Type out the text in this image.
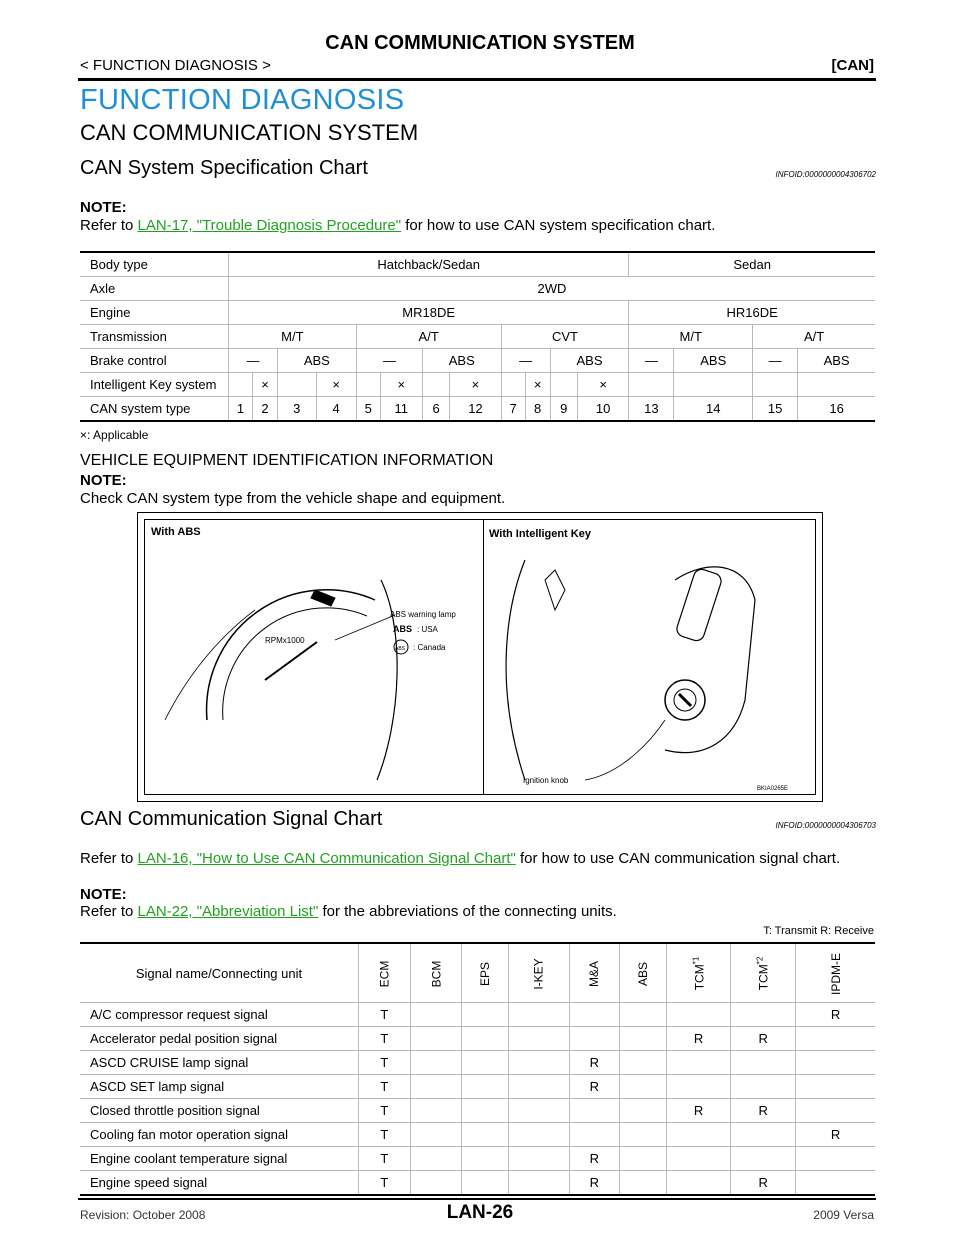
CAN COMMUNICATION SYSTEM
< FUNCTION DIAGNOSIS >	[CAN]
FUNCTION DIAGNOSIS
CAN COMMUNICATION SYSTEM
CAN System Specification Chart	INFOID:0000000004306702
NOTE:
Refer to LAN-17, "Trouble Diagnosis Procedure" for how to use CAN system specification chart.
Body type	Hatchback/Sedan												Sedan			
Axle	2WD															
Engine	MR18DE												HR16DE			
Transmission	M/T				A/T				CVT				M/T		A/T	
Brake control	—		ABS		—		ABS		—		ABS		—	ABS	—	ABS
Intelligent Key system		×		×		×		×		×		×				
CAN system type	1	2	3	4	5	11	6	12	7	8	9	10	13	14	15	16
×: Applicable
VEHICLE EQUIPMENT IDENTIFICATION INFORMATION
NOTE:
Check CAN system type from the vehicle shape and equipment.
With ABS	With Intelligent Key
RPMx1000
ABS warning lamp
ABS : USA
ABS : Canada
Ignition knob
BKIA0265E
CAN Communication Signal Chart	INFOID:0000000004306703
Refer to LAN-16, "How to Use CAN Communication Signal Chart" for how to use CAN communication signal chart.
NOTE:
Refer to LAN-22, "Abbreviation List" for the abbreviations of the connecting units.
T: Transmit R: Receive
Signal name/Connecting unit	ECM	BCM	EPS	I-KEY	M&A	ABS	TCM$^{*1}$	TCM$^{*2}$	IPDM-E
A/C compressor request signal	T								R
Accelerator pedal position signal	T						R	R	
ASCD CRUISE lamp signal	T				R				
ASCD SET lamp signal	T				R				
Closed throttle position signal	T						R	R	
Cooling fan motor operation signal	T								R
Engine coolant temperature signal	T				R				
Engine speed signal	T				R			R	
Revision: October 2008	LAN-26	2009 Versa
